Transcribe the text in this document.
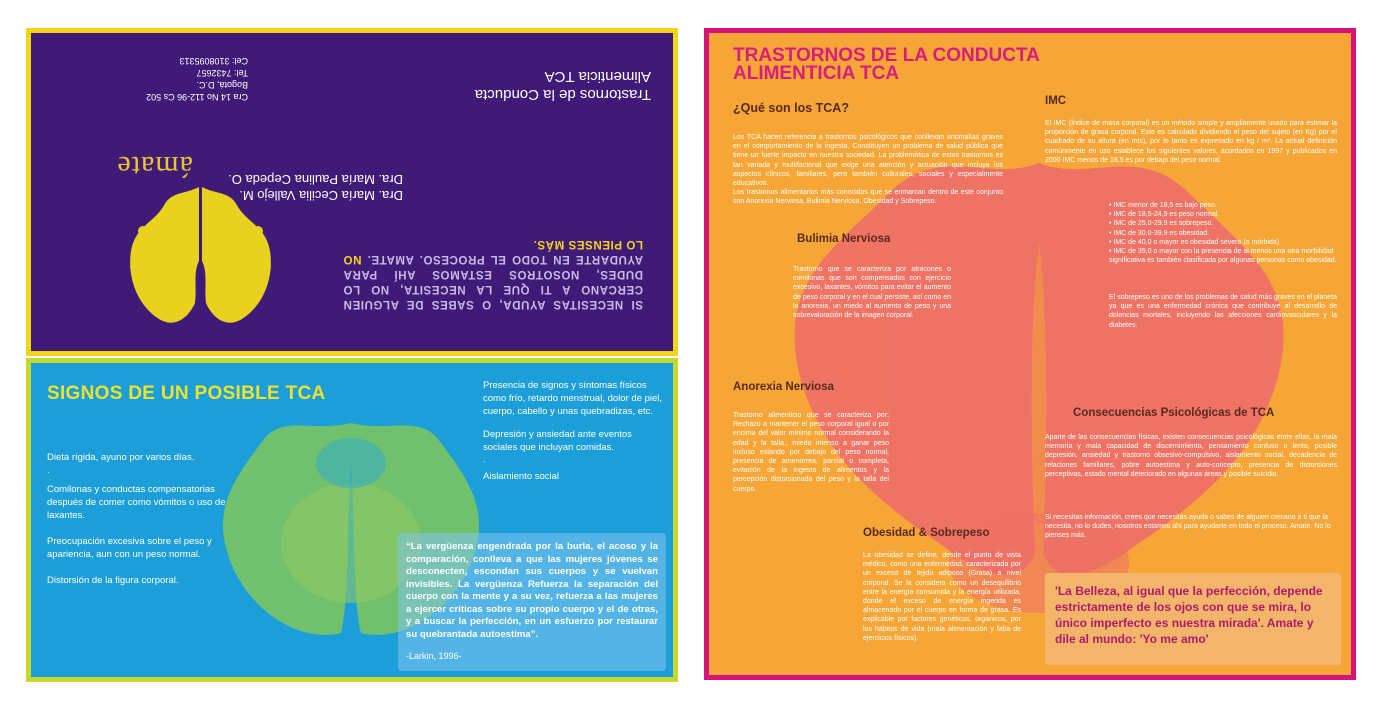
Trastornos de la Conducta Alimenticia TCA
Cra 14 No 112-96 Cs 502
Bogotá, D.C.
Tel: 7432657
Cel: 3108095313
Dra. María Cecilia Vallejo M.
Dra. María Paulina Cepeda O.
ámate
SI NECESITAS AYUDA, O SABES DE ALGUIEN CERCANO A TI QUE LA NECESITA, NO LO DUDES, NOSOTROS ESTAMOS AHÍ PARA AYUDARTE EN TODO EL PROCESO. AMATE. NO LO PIENSES MÁS.
SIGNOS DE UN POSIBLE TCA

Dieta rígida, ayuno por varios días.

·

Comilonas y conductas compensatorias después de comer como vómitos o uso de laxantes.

Preocupación excesiva sobre el peso y apariencia, aun con un peso normal.

Distorsión de la figura corporal.

Presencia de signos y síntomas físicos como frío, retardo menstrual, dolor de piel, cuerpo, cabello y unas quebradizas, etc.

Depresión y ansiedad ante eventos sociales que incluyan comidas.

·

Aislamiento social

“La vergüenza engendrada por la burla, el acoso y la comparación, conlleva a que las mujeres jóvenes se desconecten, escondan sus cuerpos y se vuelvan invisibles. La vergüenza Refuerza la separación del cuerpo con la mente y a su vez, refuerza a las mujeres a ejercer criticas sobre su propio cuerpo y el de otras, y a buscar la perfección, en un esfuerzo por restaurar su quebrantada autoestima”.
-Larkin, 1996-
TRASTORNOS DE LA CONDUCTA ALIMENTICIA TCA
¿Qué son los TCA?
Los TCA hacen referencia a trastornos psicológicos que conllevan anomalías graves en el comportamiento de la ingesta. Constituyen un problema de salud pública que tiene un fuerte impacto en nuestra sociedad. La problemática de estos trastornos es tan variada y multifactorial que exige una atención y actuación que incluya los aspectos clínicos, familiares, pero también culturales, sociales y especialmente educativos.
Los trastornos alimentarios más conocidos que se enmarcan dentro de este conjunto son Anorexia Nerviosa, Bulimia Nerviosa, Obesidad y Sobrepeso.
Bulimia Nerviosa
Trastorno que se caracteriza por atracones o comilonas que son compensados con ejercicio excesivo, laxantes, vómitos para evitar el aumento de peso corporal y en el cual persiste, así como en la anorexia, un miedo al aumento de peso y una sobrevaloración de la imagen corporal.
Anorexia Nerviosa
Trastorno alimenticio que se caracteriza por: Rechazo a mantener el peso corporal igual o por encima del valor mínimo normal considerando la edad y la talla., miedo intenso a ganar peso incluso estando por debajo del peso normal, presencia de amenorrea, parcial o completa, evitación de la ingesta de alimentos y la percepción distorsionada del peso y la talla del cuerpo.
Obesidad & Sobrepeso
La obesidad se define, desde el punto de vista médico, como una enfermedad, caracterizada por un exceso de tejido adiposo (Grasa) a nivel corporal. Se la considera como un desequilibrio entre la energía consumida y la energía utilizada, donde el exceso de energía ingerida es almacenado por el cuerpo en forma de grasa. Es explicable por factores genéticos, orgánicos, por los hábitos de vida (mala alimentación y falta de ejercicios físicos).
IMC
El IMC (Índice de masa corporal) es un método simple y ampliamente usado para estimar la proporción de grasa corporal. Este es calculado dividiendo el peso del sujeto (en Kg) por el cuadrado de su altura (en mts), por lo tanto es expresado en kg / m². La actual definición comúnmente en uso establece los siguientes valores, acordados en 1997 y publicados en 2000 IMC menos de 18,5 es por debajo del peso normal.
• IMC menor de 18,5 es bajo peso.
• IMC de 18,5-24,9 es peso normal.
• IMC de 25,0-29,9 es sobrepeso.
• IMC de 30,0-39,9 es obesidad.
• IMC de 40,0 o mayor es obesidad severa (o mórbida).
• IMC de 35,0 o mayor con la presencia de al menos una otra morbilidad significativa es también clasificada por algunas personas como obesidad.
El sobrepeso es uno de los problemas de salud más graves en el planeta ya que es una enfermedad crónica que contribuye al desarrollo de dolencias mortales, incluyendo las afecciones cardiovasculares y la diabetes.
Consecuencias Psicológicas de TCA
Aparte de las consecuencias físicas, existen consecuencias psicológicas entre ellas, la mala memoria y mala capacidad de discernimiento, pensamiento confuso o lento, posible depresión, ansiedad y trastorno obsesivo-compulsivo, aislamiento social, decadencia de relaciones familiares, pobre autoestima y auto-concepto, presencia de distorsiones perceptivas, estado mental deteriorado en algunas áreas y posible suicidio.
Si necesitas información, crees que necesitas ayuda o sabes de alguien cercano a ti que la necesita, no lo dudes, nosotros estamos ahí para ayudarte en todo el proceso. Amate. No lo pienses más.
'La Belleza, al igual que la perfección, depende estrictamente de los ojos con que se mira, lo único imperfecto es nuestra mirada'. Amate y dile al mundo: 'Yo me amo'
